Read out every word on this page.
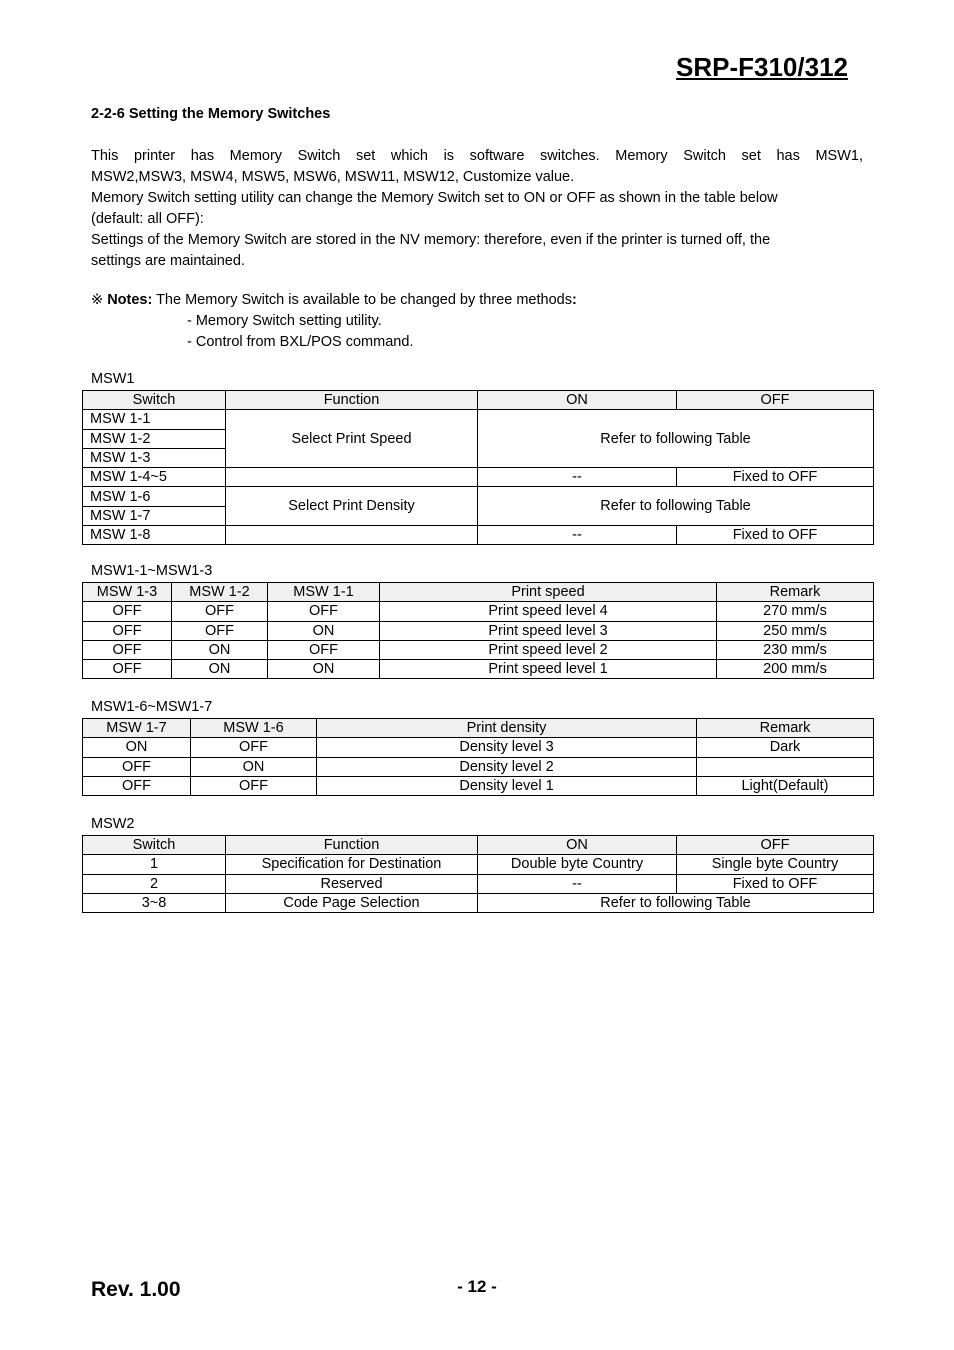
SRP-F310/312
2-2-6 Setting the Memory Switches
This printer has Memory Switch set which is software switches. Memory Switch set has MSW1,
MSW2,MSW3, MSW4, MSW5, MSW6, MSW11, MSW12, Customize value.
Memory Switch setting utility can change the Memory Switch set to ON or OFF as shown in the table below
(default: all OFF):
Settings of the Memory Switch are stored in the NV memory: therefore, even if the printer is turned off, the
settings are maintained.
※ Notes: The Memory Switch is available to be changed by three methods:
- Memory Switch setting utility.
- Control from BXL/POS command.
MSW1
Switch	Function	ON	OFF
MSW 1-1	Select Print Speed	Refer to following Table	
MSW 1-2			
MSW 1-3			
MSW 1-4~5		--	Fixed to OFF
MSW 1-6	Select Print Density	Refer to following Table	
MSW 1-7			
MSW 1-8		--	Fixed to OFF
MSW1-1~MSW1-3
MSW 1-3	MSW 1-2	MSW 1-1	Print speed	Remark
OFF	OFF	OFF	Print speed level 4	270 mm/s
OFF	OFF	ON	Print speed level 3	250 mm/s
OFF	ON	OFF	Print speed level 2	230 mm/s
OFF	ON	ON	Print speed level 1	200 mm/s
MSW1-6~MSW1-7
MSW 1-7	MSW 1-6	Print density	Remark
ON	OFF	Density level 3	Dark
OFF	ON	Density level 2	
OFF	OFF	Density level 1	Light(Default)
MSW2
Switch	Function	ON	OFF
1	Specification for Destination	Double byte Country	Single byte Country
2	Reserved	--	Fixed to OFF
3~8	Code Page Selection	Refer to following Table	
Rev. 1.00	- 12 -
